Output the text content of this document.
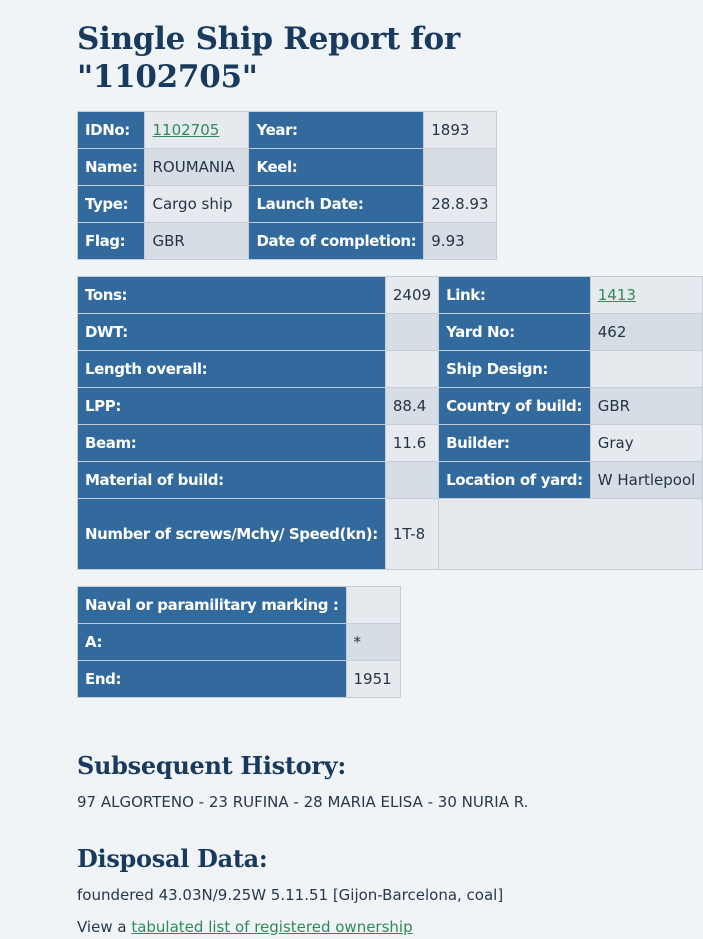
Single Ship Report for "1102705"
IDNo:	1102705	Year:	1893
Name:	ROUMANIA	Keel:	
Type:	Cargo ship	Launch Date:	28.8.93
Flag:	GBR	Date of completion:	9.93
Tons:	2409	Link:	1413
DWT:		Yard No:	462
Length overall:		Ship Design:	
LPP:	88.4	Country of build:	GBR
Beam:	11.6	Builder:	Gray
Material of build:		Location of yard:	W Hartlepool
Number of screws/Mchy/ Speed(kn):	1T-8		
Naval or paramilitary marking :	
A:	*
End:	1951
Subsequent History:

97 ALGORTENO - 23 RUFINA - 28 MARIA ELISA - 30 NURIA R.

Disposal Data:

foundered 43.03N/9.25W 5.11.51 [Gijon-Barcelona, coal]

View a tabulated list of registered ownership
